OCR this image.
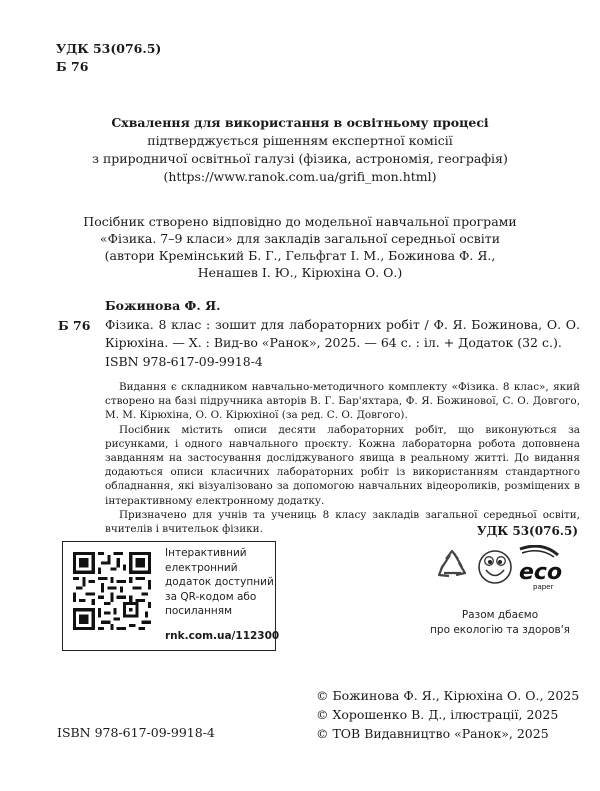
УДК 53(076.5)
Б 76
Схвалення для використання в освітньому процесі
підтверджується рішенням експертної комісії
з природничої освітньої галузі (фізика, астрономія, географія)
(https://www.ranok.com.ua/grifi_mon.html)
Посібник створено відповідно до модельної навчальної програми
«Фізика. 7–9 класи» для закладів загальної середньої освіти
(автори Кремінський Б. Г., Гельфгат І. М., Божинова Ф. Я.,
Ненашев І. Ю., Кірюхіна О. О.)
Божинова Ф. Я.
Б 76 Фізика. 8 клас : зошит для лабораторних робіт / Ф. Я. Божинова, О. О. Кірюхіна. — Х. : Вид-во «Ранок», 2025. — 64 с. : іл. + Додаток (32 с.).
ISBN 978-617-09-9918-4

Видання є складником навчально-методичного комплекту «Фізика. 8 клас», який створено на базі підручника авторів В. Г. Бар'яхтара, Ф. Я. Божинової, С. О. Довгого, М. М. Кірюхіна, О. О. Кірюхіної (за ред. С. О. Довгого).

Посібник містить описи десяти лабораторних робіт, що виконуються за рисунками, і одного навчального проєкту. Кожна лабораторна робота доповнена завданням на застосування досліджуваного явища в реальному житті. До видання додаються описи класичних лабораторних робіт із використанням стандартного обладнання, які візуалізовано за допомогою навчальних відеороликів, розміщених в інтерактивному електронному додатку.

Призначено для учнів та учениць 8 класу закладів загальної середньої освіти, вчителів і вчительок фізики.	УДК 53(076.5)
Інтерактивний
електронний
додаток доступний
за QR-кодом або
посиланням
rnk.com.ua/112300
eco
paper
Разом дбаємо
про екологію та здоров'я
© Божинова Ф. Я., Кірюхіна О. О., 2025
© Хорошенко В. Д., ілюстрації, 2025
© ТОВ Видавництво «Ранок», 2025
ISBN 978-617-09-9918-4
